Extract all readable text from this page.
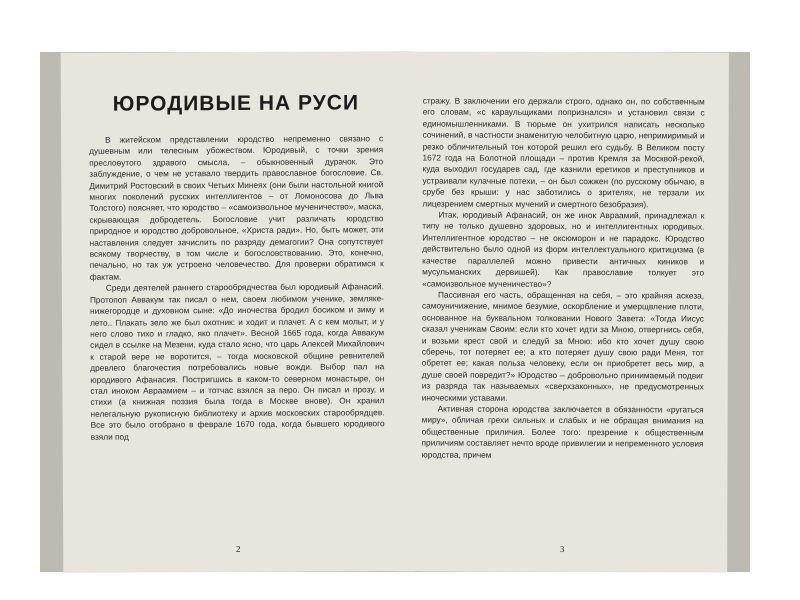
ЮРОДИВЫЕ НА РУСИ

В житейском представлении юродство непременно связано с душевным или телесным убожеством. Юродивый, с точки зрения преслоѳутого здравого смысла, – обыкновенный дурачок. Это заблуждение, о чем не уставало твердить православное богословие. Св. Димитрий Ростовский в своих Четьих Минеях (они были настольной книгой многих поколений русских интеллигентов – от Ломоносова до Льва Толстого) поясняет, что юродство – «самоизвольное мученичество», маска, скрывающая добродетель. Богословие учит различать юродство природное и юродство добровольное, «Христа ради». Но, быть может, эти наставления следует зачислить по разряду демагогии? Она сопутствует всякому творчеству, в том числе и богословствованию. Это, конечно, печально, но так уж устроено человечество. Для проверки обратимся к фактам.

Среди деятелей раннего старообрядчества был юродивый Афанасий. Протопоп Аввакум так писал о нем, своем любимом ученике, земляке-нижегородце и духовном сыне: «До иночества бродил босиком и зиму и лето.. Плакать зело же был охотник: и ходит и плачет. А с кем молыт, и у него слово тихо и гладко, яко плачет». Весной 1665 года, когда Аввакум сидел в ссылке на Мезени, куда стало ясно, что царь Алексей Михайлович к старой вере не воротится, – тогда московской общине ревнителей древлего благочестия потребовались новые вожди. Выбор пал на юродивого Афанасия. Постригшись в каком-то северном монастыре, он стал иноком Авраамием – и тотчас взялся за перо. Он писал и прозу, и стихи (а книжная поэзия была тогда в Москве внове). Он хранил нелегальную рукописную библиотеку и архив московских старообрядцев. Все это было отобрано в феврале 1670 года, когда бывшего юродивого взяли под

2

стражу. В заключении его держали строго, однако он, по собственным его словам, «с караульщиками попризнался» и установил связи с единомышленниками. В тюрьме он ухитрился написать несколько сочинений, в частности знаменитую челобитную царю, непримиримый и резко обличительный тон которой решил его судьбу. В Великом посту 1672 года на Болотной площади – против Кремля за Москвой-рекой, куда выходил государев сад, где казнили еретиков и преступников и устраивали кулачные потехи, – он был сожжен (по русскому обычаю, в срубе без крыши: у нас заботились о зрителях, не терзали их лицезрением смертных мучений и смертного безобразия).

Итак, юродивый Афанасий, он же инок Авраамий, принадлежал к типу не только душевно здоровых, но и интеллигентных юродивых. Интеллигентное юродство – не оксюморон и не парадокс. Юродство действительно было одной из форм интеллектуального критицизма (в качестве параллелей можно привести античных киников и мусульманских дервишей). Как православие толкует это «самоизвольное мученичество»?

Пассивная его часть, обращенная на себя, – это крайняя аскеза, самоуничижение, мнимое безумие, оскорбление и умерщвление плоти, основанное на буквальном толковании Нового Завета: «Тогда Иисус сказал ученикам Своим: если кто хочет идти за Мною, отвергнись себя, и возьми крест свой и следуй за Мною: ибо кто хочет душу свою сберечь, тот потеряет ее; а кто потеряет душу свою ради Меня, тот обретет ее; какая польза человеку, если он приобретет весь мир, а душе своей повредит?» Юродство – добровольно принимаемый подвиг из разряда так называемых «сверхзаконных», не предусмотренных иноческими уставами.

Активная сторона юродства заключается в обязанности «ругаться миру», обличая грехи сильных и слабых и не обращая внимания на общественные приличия. Более того: презрение к общественным приличиям составляет нечто вроде привилегии и непременного условия юродства, причем

3
